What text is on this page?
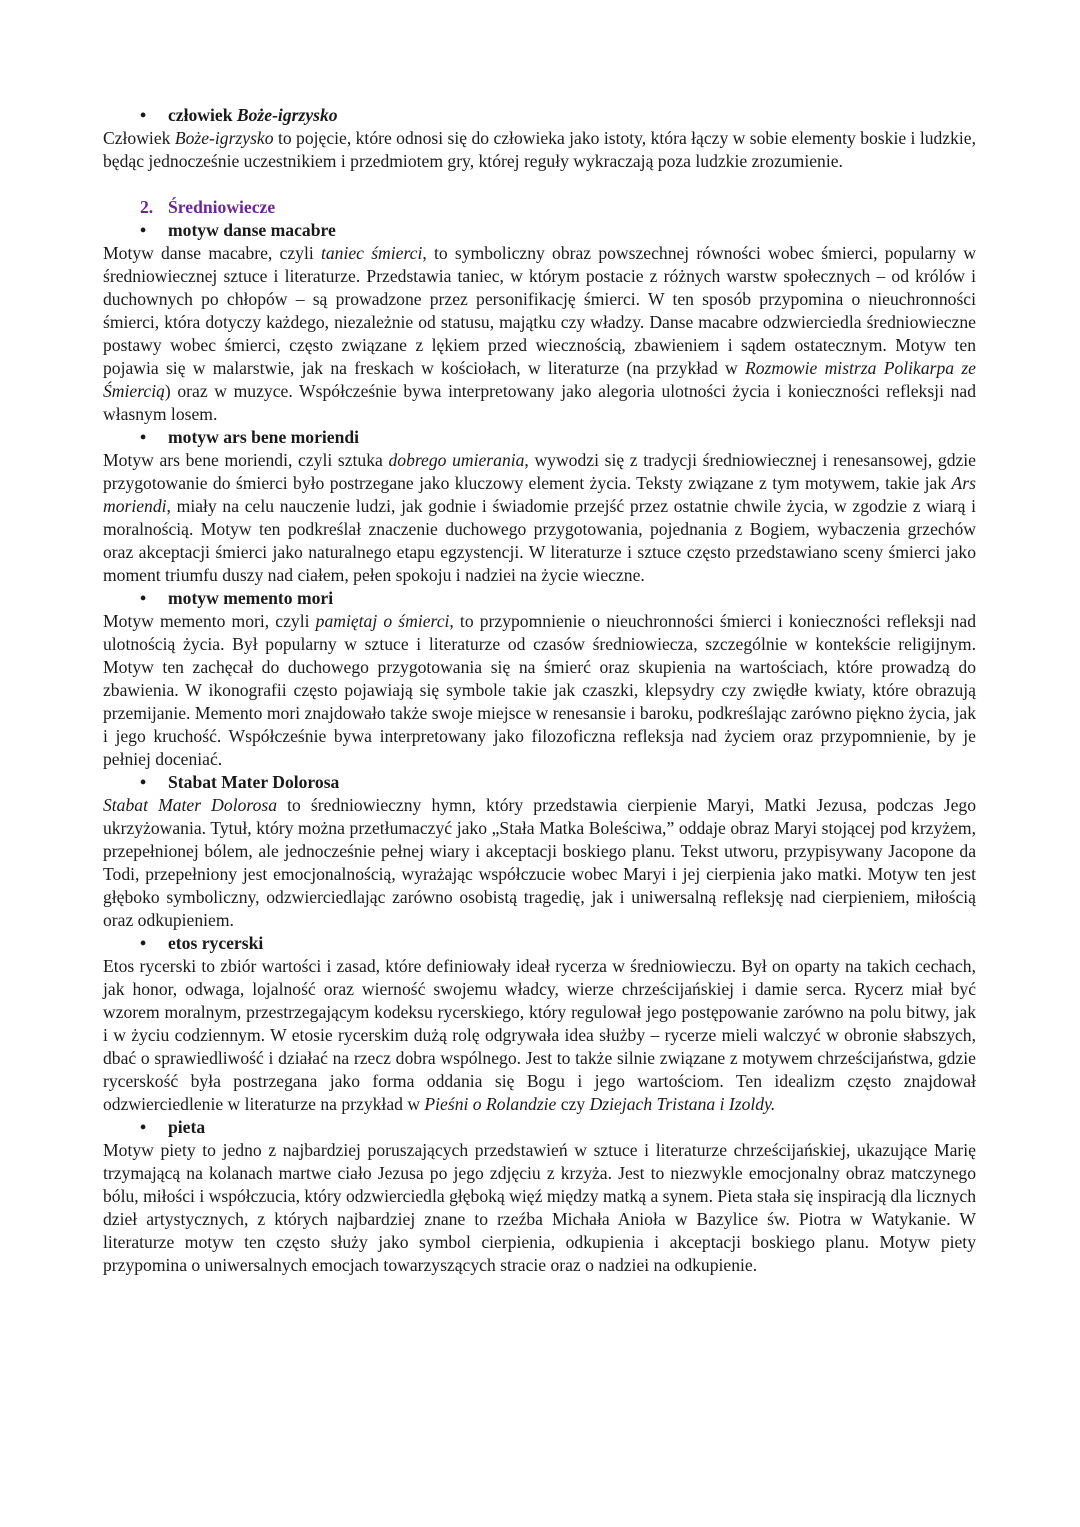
• człowiek Boże-igrzysko

Człowiek Boże-igrzysko to pojęcie, które odnosi się do człowieka jako istoty, która łączy w sobie elementy boskie i ludzkie, będąc jednocześnie uczestnikiem i przedmiotem gry, której reguły wykraczają poza ludzkie zrozumienie.

2. Średniowiecze
• motyw danse macabre

Motyw danse macabre, czyli taniec śmierci, to symboliczny obraz powszechnej równości wobec śmierci, popularny w średniowiecznej sztuce i literaturze. Przedstawia taniec, w którym postacie z różnych warstw społecznych – od królów i duchownych po chłopów – są prowadzone przez personifikację śmierci. W ten sposób przypomina o nieuchronności śmierci, która dotyczy każdego, niezależnie od statusu, majątku czy władzy. Danse macabre odzwierciedla średniowieczne postawy wobec śmierci, często związane z lękiem przed wiecznością, zbawieniem i sądem ostatecznym. Motyw ten pojawia się w malarstwie, jak na freskach w kościołach, w literaturze (na przykład w Rozmowie mistrza Polikarpa ze Śmiercią) oraz w muzyce. Współcześnie bywa interpretowany jako alegoria ulotności życia i konieczności refleksji nad własnym losem.

• motyw ars bene moriendi

Motyw ars bene moriendi, czyli sztuka dobrego umierania, wywodzi się z tradycji średniowiecznej i renesansowej, gdzie przygotowanie do śmierci było postrzegane jako kluczowy element życia. Teksty związane z tym motywem, takie jak Ars moriendi, miały na celu nauczenie ludzi, jak godnie i świadomie przejść przez ostatnie chwile życia, w zgodzie z wiarą i moralnością. Motyw ten podkreślał znaczenie duchowego przygotowania, pojednania z Bogiem, wybaczenia grzechów oraz akceptacji śmierci jako naturalnego etapu egzystencji. W literaturze i sztuce często przedstawiano sceny śmierci jako moment triumfu duszy nad ciałem, pełen spokoju i nadziei na życie wieczne.

• motyw memento mori

Motyw memento mori, czyli pamiętaj o śmierci, to przypomnienie o nieuchronności śmierci i konieczności refleksji nad ulotnością życia. Był popularny w sztuce i literaturze od czasów średniowiecza, szczególnie w kontekście religijnym. Motyw ten zachęcał do duchowego przygotowania się na śmierć oraz skupienia na wartościach, które prowadzą do zbawienia. W ikonografii często pojawiają się symbole takie jak czaszki, klepsydry czy zwiędłe kwiaty, które obrazują przemijanie. Memento mori znajdowało także swoje miejsce w renesansie i baroku, podkreślając zarówno piękno życia, jak i jego kruchość. Współcześnie bywa interpretowany jako filozoficzna refleksja nad życiem oraz przypomnienie, by je pełniej doceniać.

• Stabat Mater Dolorosa

Stabat Mater Dolorosa to średniowieczny hymn, który przedstawia cierpienie Maryi, Matki Jezusa, podczas Jego ukrzyżowania. Tytuł, który można przetłumaczyć jako „Stała Matka Boleściwa,” oddaje obraz Maryi stojącej pod krzyżem, przepełnionej bólem, ale jednocześnie pełnej wiary i akceptacji boskiego planu. Tekst utworu, przypisywany Jacopone da Todi, przepełniony jest emocjonalnością, wyrażając współczucie wobec Maryi i jej cierpienia jako matki. Motyw ten jest głęboko symboliczny, odzwierciedlając zarówno osobistą tragedię, jak i uniwersalną refleksję nad cierpieniem, miłością oraz odkupieniem.

• etos rycerski

Etos rycerski to zbiór wartości i zasad, które definiowały ideał rycerza w średniowieczu. Był on oparty na takich cechach, jak honor, odwaga, lojalność oraz wierność swojemu władcy, wierze chrześcijańskiej i damie serca. Rycerz miał być wzorem moralnym, przestrzegającym kodeksu rycerskiego, który regulował jego postępowanie zarówno na polu bitwy, jak i w życiu codziennym. W etosie rycerskim dużą rolę odgrywała idea służby – rycerze mieli walczyć w obronie słabszych, dbać o sprawiedliwość i działać na rzecz dobra wspólnego. Jest to także silnie związane z motywem chrześcijaństwa, gdzie rycerskość była postrzegana jako forma oddania się Bogu i jego wartościom. Ten idealizm często znajdował odzwierciedlenie w literaturze na przykład w Pieśni o Rolandzie czy Dziejach Tristana i Izoldy.

• pieta

Motyw piety to jedno z najbardziej poruszających przedstawień w sztuce i literaturze chrześcijańskiej, ukazujące Marię trzymającą na kolanach martwe ciało Jezusa po jego zdjęciu z krzyża. Jest to niezwykle emocjonalny obraz matczynego bólu, miłości i współczucia, który odzwierciedla głęboką więź między matką a synem. Pieta stała się inspiracją dla licznych dzieł artystycznych, z których najbardziej znane to rzeźba Michała Anioła w Bazylice św. Piotra w Watykanie. W literaturze motyw ten często służy jako symbol cierpienia, odkupienia i akceptacji boskiego planu. Motyw piety przypomina o uniwersalnych emocjach towarzyszących stracie oraz o nadziei na odkupienie.
